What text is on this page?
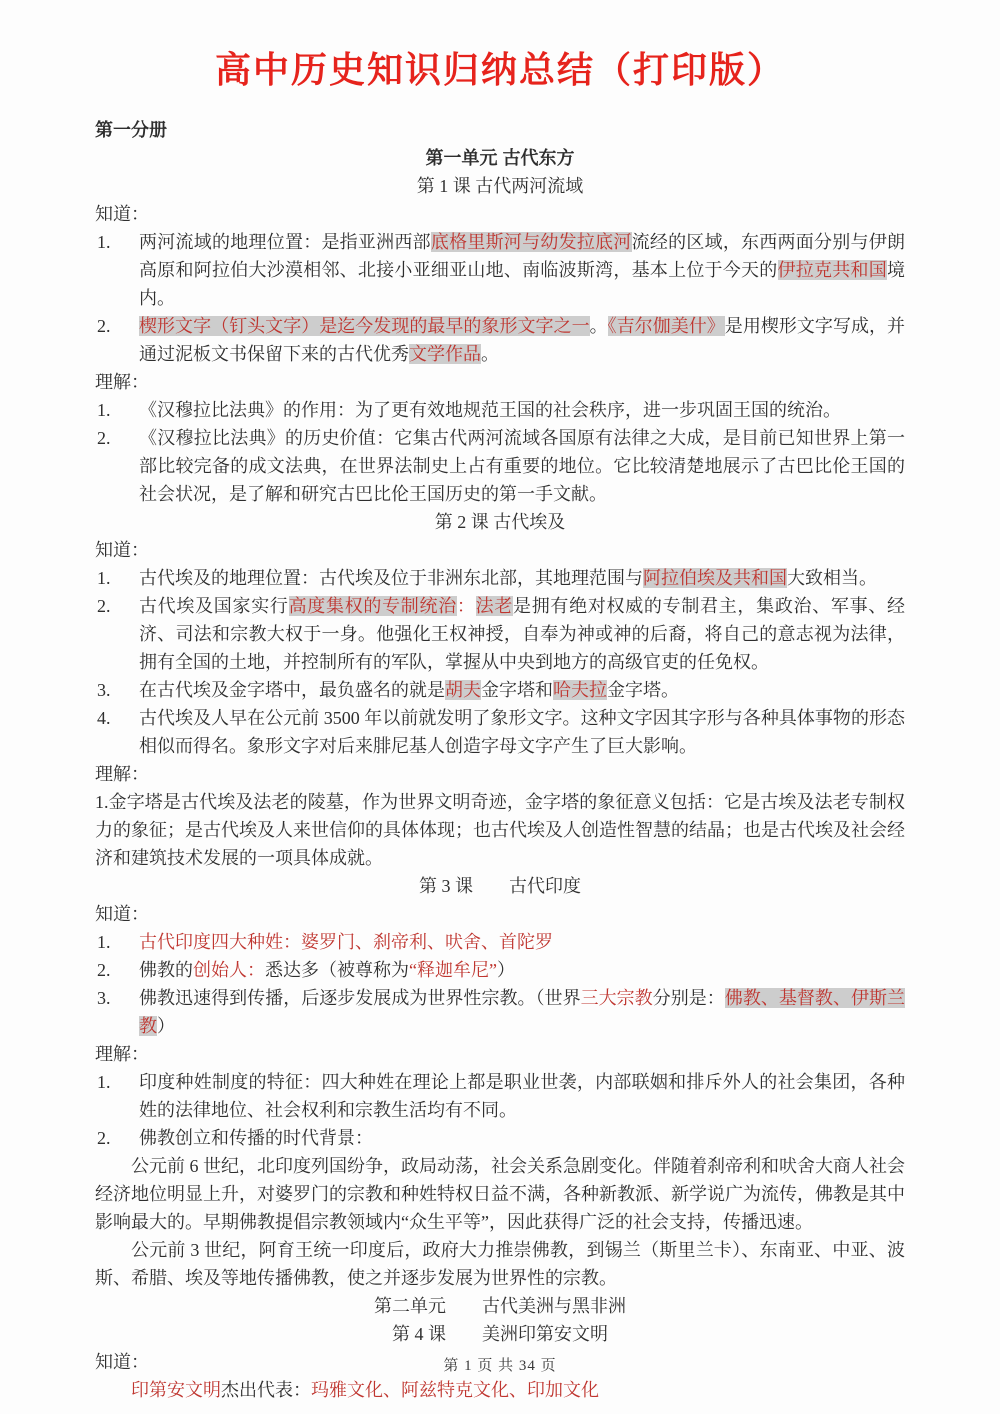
高中历史知识归纳总结（打印版）
第一分册
第一单元 古代东方
第 1 课 古代两河流域
知道：
1. 两河流域的地理位置：是指亚洲西部底格里斯河与幼发拉底河流经的区域，东西两面分别与伊朗高原和阿拉伯大沙漠相邻、北接小亚细亚山地、南临波斯湾，基本上位于今天的伊拉克共和国境内。
2. 楔形文字（钉头文字）是迄今发现的最早的象形文字之一。《吉尔伽美什》是用楔形文字写成，并通过泥板文书保留下来的古代优秀文学作品。
理解：
1. 《汉穆拉比法典》的作用：为了更有效地规范王国的社会秩序，进一步巩固王国的统治。
2. 《汉穆拉比法典》的历史价值：它集古代两河流域各国原有法律之大成，是目前已知世界上第一部比较完备的成文法典，在世界法制史上占有重要的地位。它比较清楚地展示了古巴比伦王国的社会状况，是了解和研究古巴比伦王国历史的第一手文献。
第 2 课 古代埃及
知道：
1. 古代埃及的地理位置：古代埃及位于非洲东北部，其地理范围与阿拉伯埃及共和国大致相当。
2. 古代埃及国家实行高度集权的专制统治：法老是拥有绝对权威的专制君主，集政治、军事、经济、司法和宗教大权于一身。他强化王权神授，自奉为神或神的后裔，将自己的意志视为法律，拥有全国的土地，并控制所有的军队，掌握从中央到地方的高级官吏的任免权。
3. 在古代埃及金字塔中，最负盛名的就是胡夫金字塔和哈夫拉金字塔。
4. 古代埃及人早在公元前 3500 年以前就发明了象形文字。这种文字因其字形与各种具体事物的形态相似而得名。象形文字对后来腓尼基人创造字母文字产生了巨大影响。
理解：
1.金字塔是古代埃及法老的陵墓，作为世界文明奇迹，金字塔的象征意义包括：它是古埃及法老专制权力的象征；是古代埃及人来世信仰的具体体现；也古代埃及人创造性智慧的结晶；也是古代埃及社会经济和建筑技术发展的一项具体成就。
第 3 课　　古代印度
知道：
1. 古代印度四大种姓：婆罗门、刹帝利、吠舍、首陀罗
2. 佛教的创始人：悉达多（被尊称为“释迦牟尼”）
3. 佛教迅速得到传播，后逐步发展成为世界性宗教。（世界三大宗教分别是：佛教、基督教、伊斯兰教）
理解：
1. 印度种姓制度的特征：四大种姓在理论上都是职业世袭，内部联姻和排斥外人的社会集团，各种姓的法律地位、社会权利和宗教生活均有不同。
2. 佛教创立和传播的时代背景：
公元前 6 世纪，北印度列国纷争，政局动荡，社会关系急剧变化。伴随着刹帝利和吠舍大商人社会经济地位明显上升，对婆罗门的宗教和种姓特权日益不满，各种新教派、新学说广为流传，佛教是其中影响最大的。早期佛教提倡宗教领域内“众生平等”，因此获得广泛的社会支持，传播迅速。
公元前 3 世纪，阿育王统一印度后，政府大力推崇佛教，到锡兰（斯里兰卡）、东南亚、中亚、波斯、希腊、埃及等地传播佛教，使之并逐步发展为世界性的宗教。
第二单元　　古代美洲与黑非洲
第 4 课　　美洲印第安文明
知道：
印第安文明杰出代表：玛雅文化、阿兹特克文化、印加文化
第 1 页 共 34 页
